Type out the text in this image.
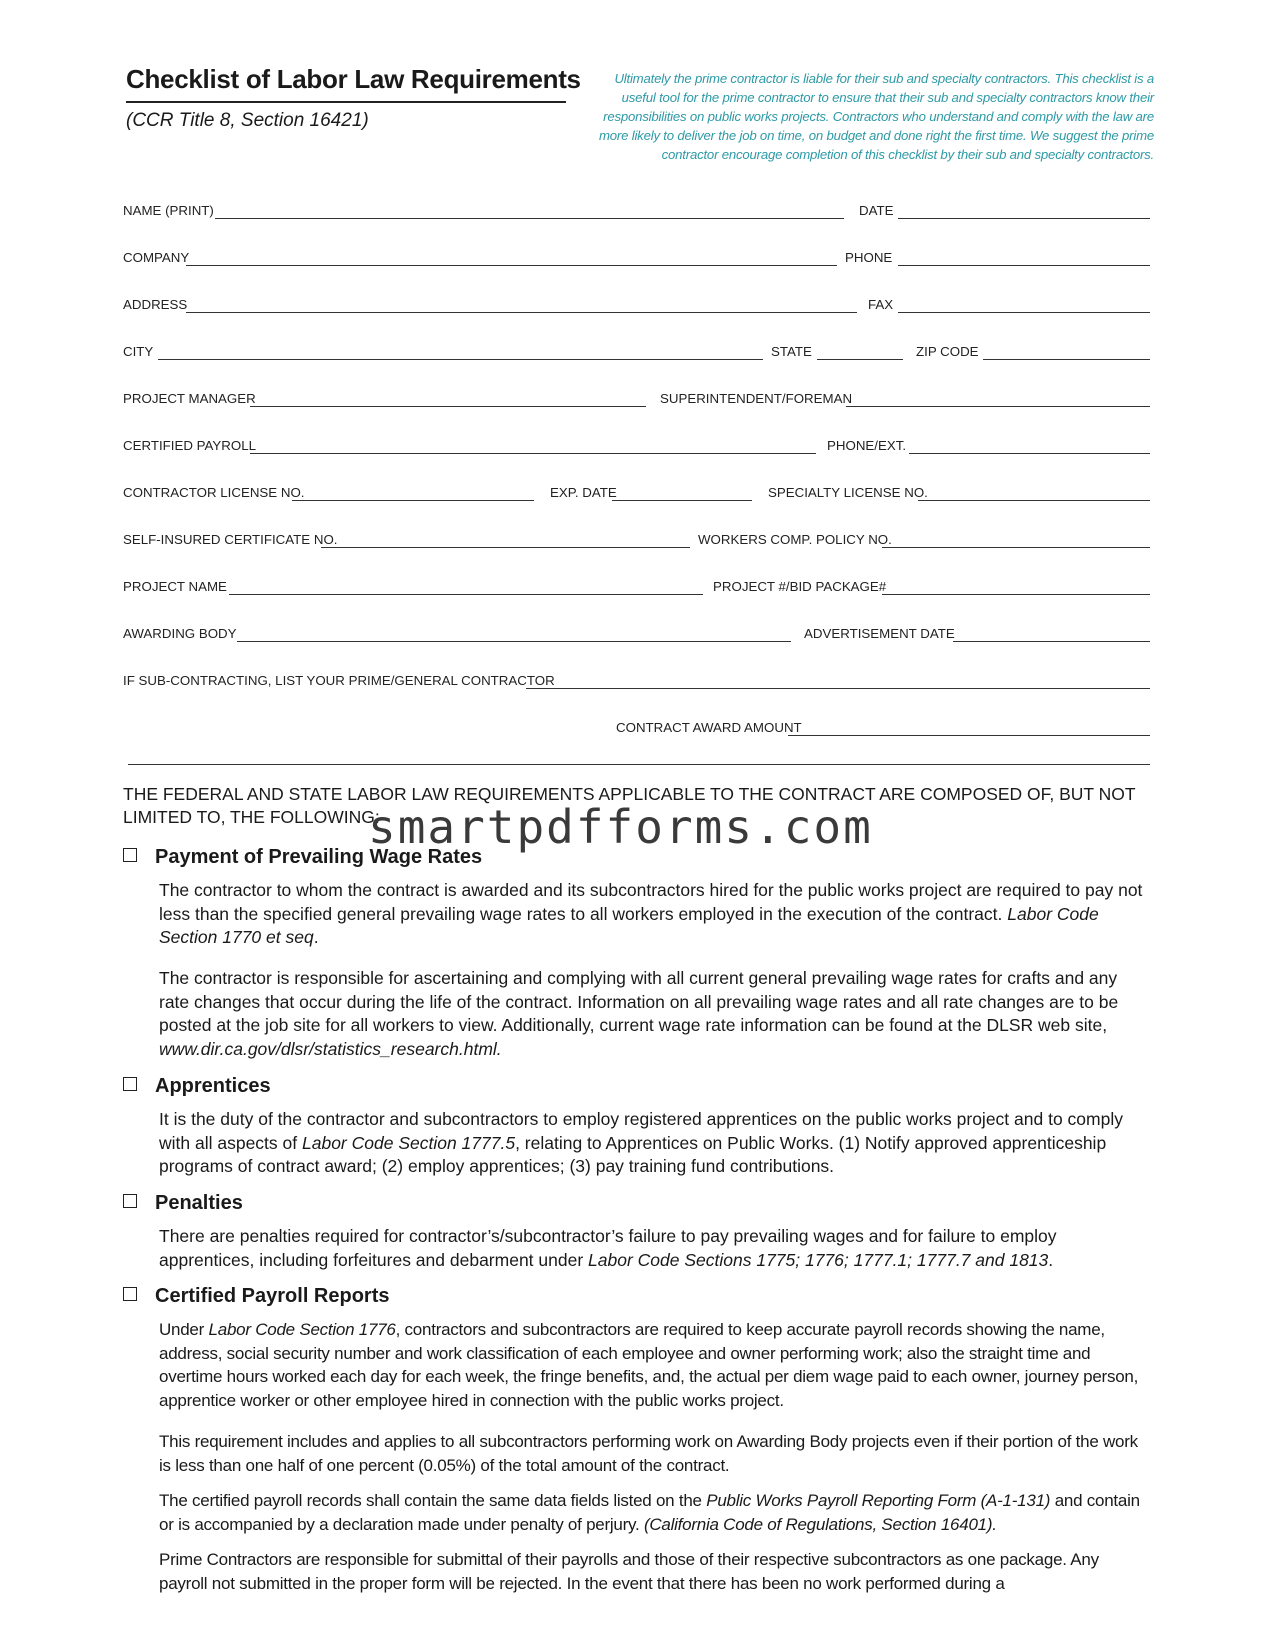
Checklist of Labor Law Requirements
(CCR Title 8, Section 16421)
Ultimately the prime contractor is liable for their sub and specialty contractors. This checklist is a useful tool for the prime contractor to ensure that their sub and specialty contractors know their responsibilities on public works projects. Contractors who understand and comply with the law are more likely to deliver the job on time, on budget and done right the first time. We suggest the prime contractor encourage completion of this checklist by their sub and specialty contractors.
NAME (PRINT)	DATE
COMPANY	PHONE
ADDRESS	FAX
CITY	STATE	ZIP CODE
PROJECT MANAGER	SUPERINTENDENT/FOREMAN
CERTIFIED PAYROLL	PHONE/EXT.
CONTRACTOR LICENSE NO.	EXP. DATE	SPECIALTY LICENSE NO.
SELF-INSURED CERTIFICATE NO.	WORKERS COMP. POLICY NO.
PROJECT NAME	PROJECT #/BID PACKAGE#
AWARDING BODY	ADVERTISEMENT DATE
IF SUB-CONTRACTING, LIST YOUR PRIME/GENERAL CONTRACTOR
CONTRACT AWARD AMOUNT
THE FEDERAL AND STATE LABOR LAW REQUIREMENTS APPLICABLE TO THE CONTRACT ARE COMPOSED OF, BUT NOT LIMITED TO, THE FOLLOWING:
smartpdfforms.com
Payment of Prevailing Wage Rates
The contractor to whom the contract is awarded and its subcontractors hired for the public works project are required to pay not less than the specified general prevailing wage rates to all workers employed in the execution of the contract. Labor Code Section 1770 et seq.
The contractor is responsible for ascertaining and complying with all current general prevailing wage rates for crafts and any rate changes that occur during the life of the contract. Information on all prevailing wage rates and all rate changes are to be posted at the job site for all workers to view. Additionally, current wage rate information can be found at the DLSR web site, www.dir.ca.gov/dlsr/statistics_research.html.
Apprentices
It is the duty of the contractor and subcontractors to employ registered apprentices on the public works project and to comply with all aspects of Labor Code Section 1777.5, relating to Apprentices on Public Works. (1) Notify approved apprenticeship programs of contract award; (2) employ apprentices; (3) pay training fund contributions.
Penalties
There are penalties required for contractor’s/subcontractor’s failure to pay prevailing wages and for failure to employ apprentices, including forfeitures and debarment under Labor Code Sections 1775; 1776; 1777.1; 1777.7 and 1813.
Certified Payroll Reports
Under Labor Code Section 1776, contractors and subcontractors are required to keep accurate payroll records showing the name, address, social security number and work classification of each employee and owner performing work; also the straight time and overtime hours worked each day for each week, the fringe benefits, and, the actual per diem wage paid to each owner, journey person, apprentice worker or other employee hired in connection with the public works project.
This requirement includes and applies to all subcontractors performing work on Awarding Body projects even if their portion of the work is less than one half of one percent (0.05%) of the total amount of the contract.
The certified payroll records shall contain the same data fields listed on the Public Works Payroll Reporting Form (A-1-131) and contain or is accompanied by a declaration made under penalty of perjury. (California Code of Regulations, Section 16401).
Prime Contractors are responsible for submittal of their payrolls and those of their respective subcontractors as one package. Any payroll not submitted in the proper form will be rejected. In the event that there has been no work performed during a
